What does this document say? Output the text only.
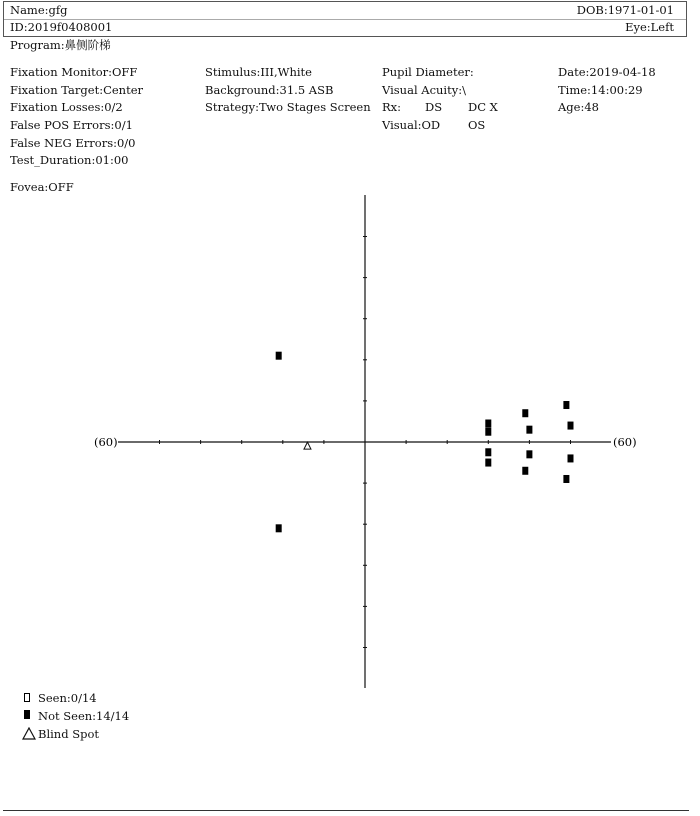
Name:gfg	DOB:1971-01-01
ID:2019f0408001	Eye:Left
Program:鼻侧阶梯
Fixation Monitor:OFF
Fixation Target:Center
Fixation Losses:0/2
False POS Errors:0/1
False NEG Errors:0/0
Test_Duration:01:00
Stimulus:III,White
Background:31.5 ASB
Strategy:Two Stages Screen
Pupil Diameter:
Visual Acuity:\
Rx: DS DC X
Visual:OD OS
Date:2019-04-18
Time:14:00:29
Age:48
Fovea:OFF
(60)	(60)
Seen:0/14
Not Seen:14/14
Blind Spot
